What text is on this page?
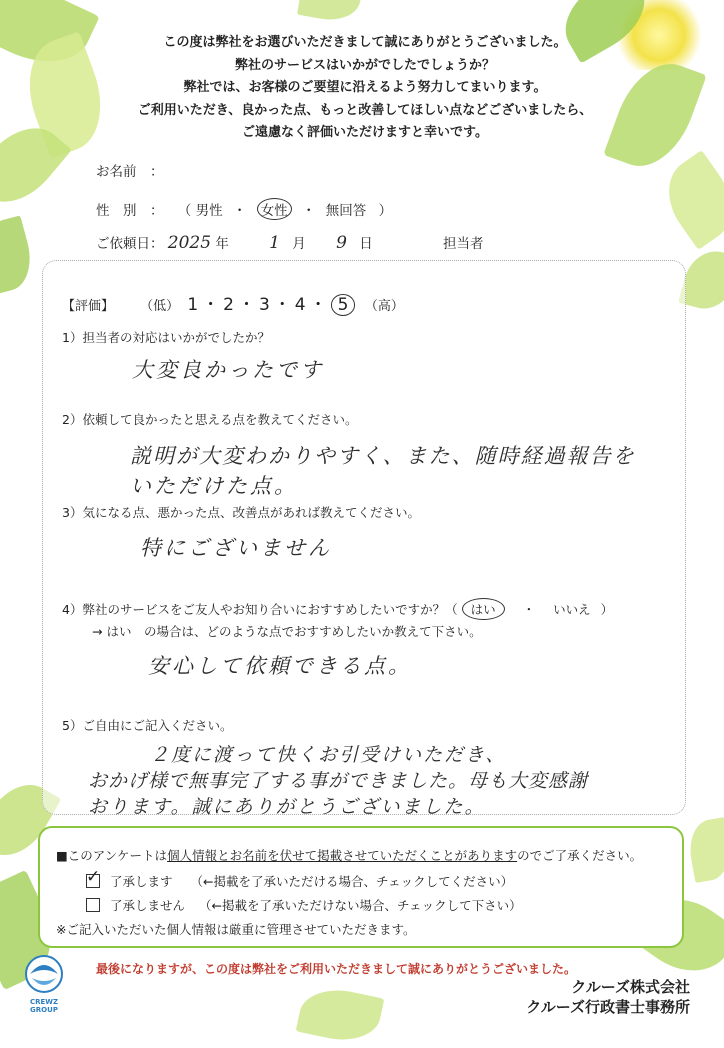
この度は弊社をお選びいただきまして誠にありがとうございました。
弊社のサービスはいかがでしたでしょうか？
弊社では、お客様のご要望に沿えるよう努力してまいります。
ご利用いただき、良かった点、もっと改善してほしい点などございましたら、
ご遠慮なく評価いただけますと幸いです。
お名前　：
性　別　： （ 男性 ・ 女性 ・ 無回答 ）
ご依頼日： 2025 年 1 月 9 日	担当者
【評価】 （低） 1・2・3・4・ 5 （高）
1）担当者の対応はいかがでしたか？
大変良かったです
2）依頼して良かったと思える点を教えてください。
説明が大変わかりやすく、また、随時経過報告を
いただけた点。
3）気になる点、悪かった点、改善点があれば教えてください。
特にございません
4）弊社のサービスをご友人やお知り合いにおすすめしたいですか？（ はい ・ いいえ ）
→ はい　の場合は、どのような点でおすすめしたいか教えて下さい。
安心して依頼できる点。
5）ご自由にご記入ください。
２度に渡って快くお引受けいただき、
おかげ様で無事完了する事ができました。母も大変感謝
おります。誠にありがとうございました。
■このアンケートは個人情報とお名前を伏せて掲載させていただくことがありますのでご了承ください。
✓ 了承します （←掲載を了承いただける場合、チェックしてください）
了承しません （←掲載を了承いただけない場合、チェックして下さい）
※ご記入いただいた個人情報は厳重に管理させていただきます。
最後になりますが、この度は弊社をご利用いただきまして誠にありがとうございました。
CREWZ
GROUP
クルーズ株式会社
クルーズ行政書士事務所
